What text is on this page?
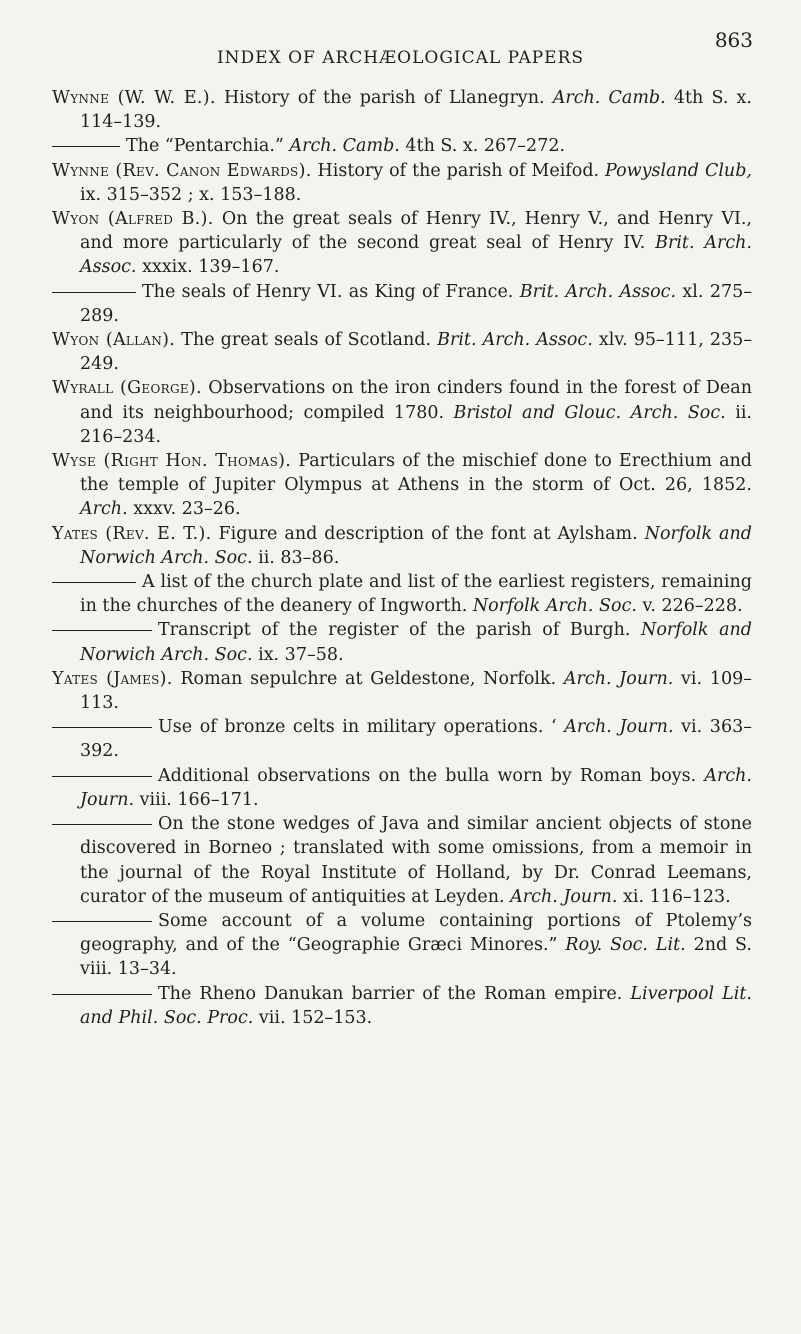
INDEX OF ARCHÆOLOGICAL PAPERS
863

Wynne (W. W. E.). History of the parish of Llanegryn. Arch. Camb. 4th S. x. 114–139.

The “Pentarchia.” Arch. Camb. 4th S. x. 267–272.

Wynne (Rev. Canon Edwards). History of the parish of Meifod. Powysland Club, ix. 315–352 ; x. 153–188.

Wyon (Alfred B.). On the great seals of Henry IV., Henry V., and Henry VI., and more particularly of the second great seal of Henry IV. Brit. Arch. Assoc. xxxix. 139–167.

The seals of Henry VI. as King of France. Brit. Arch. Assoc. xl. 275–289.

Wyon (Allan). The great seals of Scotland. Brit. Arch. Assoc. xlv. 95–111, 235–249.

Wyrall (George). Observations on the iron cinders found in the forest of Dean and its neighbourhood; compiled 1780. Bristol and Glouc. Arch. Soc. ii. 216–234.

Wyse (Right Hon. Thomas). Particulars of the mischief done to Erecthium and the temple of Jupiter Olympus at Athens in the storm of Oct. 26, 1852. Arch. xxxv. 23–26.

Yates (Rev. E. T.). Figure and description of the font at Aylsham. Norfolk and Norwich Arch. Soc. ii. 83–86.

A list of the church plate and list of the earliest registers, remaining in the churches of the deanery of Ingworth. Norfolk Arch. Soc. v. 226–228.

Transcript of the register of the parish of Burgh. Norfolk and Norwich Arch. Soc. ix. 37–58.

Yates (James). Roman sepulchre at Geldestone, Norfolk. Arch. Journ. vi. 109–113.

Use of bronze celts in military operations. ‘ Arch. Journ. vi. 363–392.

Additional observations on the bulla worn by Roman boys. Arch. Journ. viii. 166–171.

On the stone wedges of Java and similar ancient objects of stone discovered in Borneo ; translated with some omissions, from a memoir in the journal of the Royal Institute of Holland, by Dr. Conrad Leemans, curator of the museum of antiquities at Leyden. Arch. Journ. xi. 116–123.

Some account of a volume containing portions of Ptolemy’s geography, and of the “Geographie Græci Minores.” Roy. Soc. Lit. 2nd S. viii. 13–34.

The Rheno Danukan barrier of the Roman empire. Liverpool Lit. and Phil. Soc. Proc. vii. 152–153.
